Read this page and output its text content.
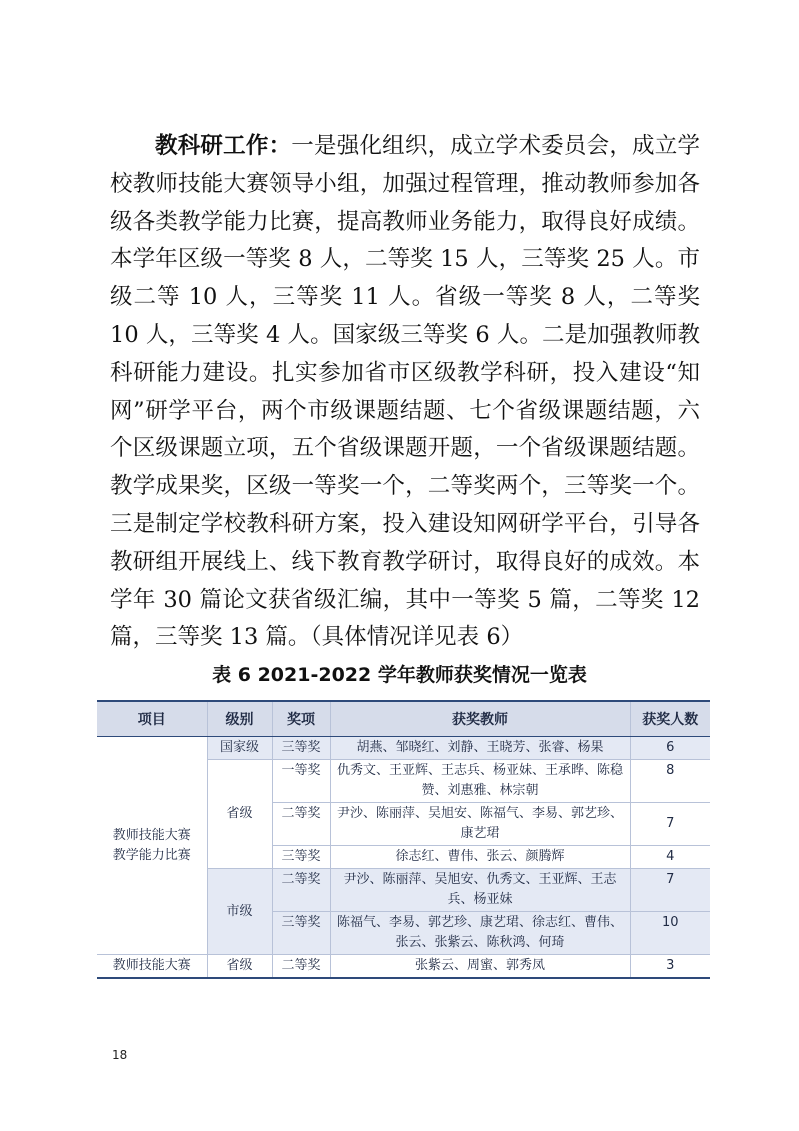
教科研工作：一是强化组织，成立学术委员会，成立学校教师技能大赛领导小组，加强过程管理，推动教师参加各级各类教学能力比赛，提高教师业务能力，取得良好成绩。本学年区级一等奖 8 人，二等奖 15 人，三等奖 25 人。市级二等 10 人，三等奖 11 人。省级一等奖 8 人，二等奖 10 人，三等奖 4 人。国家级三等奖 6 人。二是加强教师教科研能力建设。扎实参加省市区级教学科研，投入建设“知网”研学平台，两个市级课题结题、七个省级课题结题，六个区级课题立项，五个省级课题开题，一个省级课题结题。教学成果奖，区级一等奖一个，二等奖两个，三等奖一个。三是制定学校教科研方案，投入建设知网研学平台，引导各教研组开展线上、线下教育教学研讨，取得良好的成效。本学年 30 篇论文获省级汇编，其中一等奖 5 篇，二等奖 12 篇，三等奖 13 篇。（具体情况详见表 6）

表 6 2021-2022 学年教师获奖情况一览表

项目	级别	奖项	获奖教师	获奖人数
教师技能大赛教学能力比赛	国家级	三等奖	胡燕、邹晓红、刘静、王晓芳、张睿、杨果	6
	省级	一等奖	仇秀文、王亚辉、王志兵、杨亚妹、王承晔、陈稳赞、刘惠雅、林宗朝	8
		二等奖	尹沙、陈丽萍、吴旭安、陈福气、李易、郭艺珍、康艺珺	7
		三等奖	徐志红、曹伟、张云、颜腾辉	4
	市级	二等奖	尹沙、陈丽萍、吴旭安、仇秀文、王亚辉、王志兵、杨亚妹	7
		三等奖	陈福气、李易、郭艺珍、康艺珺、徐志红、曹伟、张云、张紫云、陈秋鸿、何琦	10
教师技能大赛	省级	二等奖	张紫云、周蜜、郭秀凤	3
18
